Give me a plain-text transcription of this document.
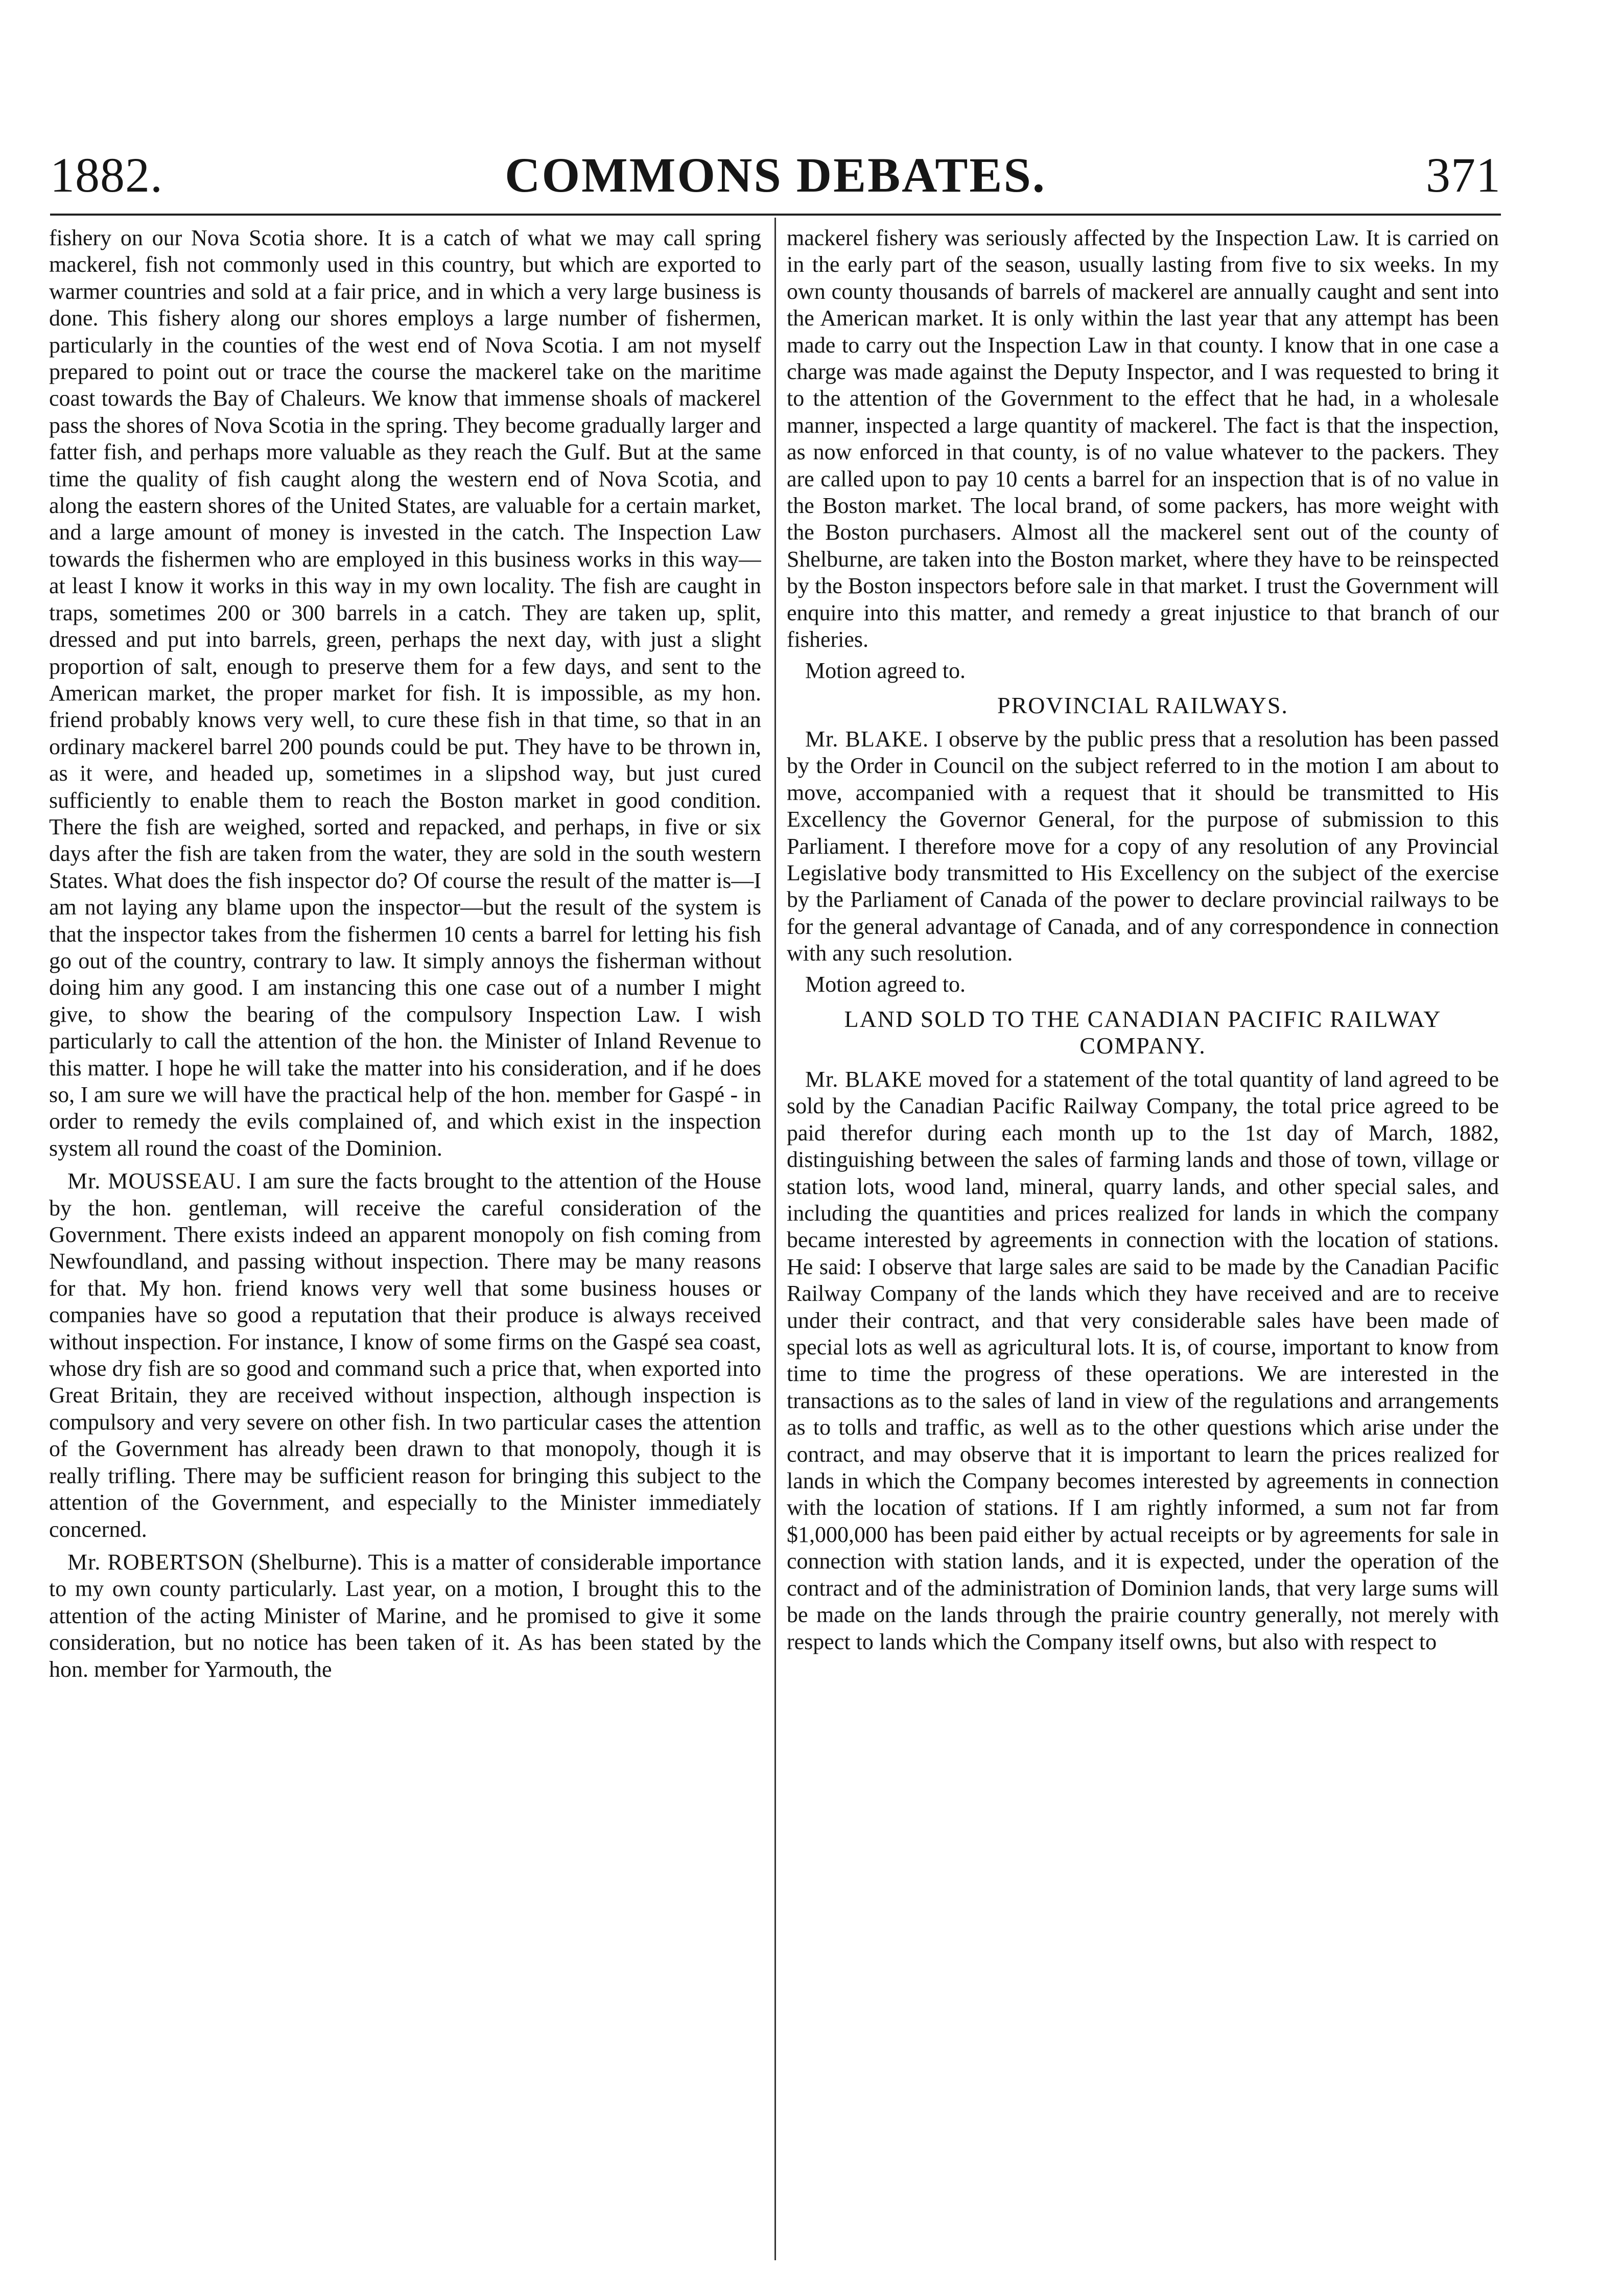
1882.	COMMONS DEBATES.	371

fishery on our Nova Scotia shore. It is a catch of what we may call spring mackerel, fish not commonly used in this country, but which are exported to warmer countries and sold at a fair price, and in which a very large business is done. This fishery along our shores employs a large number of fishermen, particularly in the counties of the west end of Nova Scotia. I am not myself prepared to point out or trace the course the mackerel take on the maritime coast towards the Bay of Chaleurs. We know that immense shoals of mackerel pass the shores of Nova Scotia in the spring. They become gradually larger and fatter fish, and perhaps more valuable as they reach the Gulf. But at the same time the quality of fish caught along the western end of Nova Scotia, and along the eastern shores of the United States, are valuable for a certain market, and a large amount of money is invested in the catch. The Inspection Law towards the fishermen who are employed in this business works in this way—at least I know it works in this way in my own locality. The fish are caught in traps, sometimes 200 or 300 barrels in a catch. They are taken up, split, dressed and put into barrels, green, perhaps the next day, with just a slight proportion of salt, enough to preserve them for a few days, and sent to the American market, the proper market for fish. It is impossible, as my hon. friend probably knows very well, to cure these fish in that time, so that in an ordinary mackerel barrel 200 pounds could be put. They have to be thrown in, as it were, and headed up, sometimes in a slipshod way, but just cured sufficiently to enable them to reach the Boston market in good condition. There the fish are weighed, sorted and repacked, and perhaps, in five or six days after the fish are taken from the water, they are sold in the south western States. What does the fish inspector do? Of course the result of the matter is—I am not laying any blame upon the inspector—but the result of the system is that the inspector takes from the fishermen 10 cents a barrel for letting his fish go out of the country, contrary to law. It simply annoys the fisherman without doing him any good. I am instancing this one case out of a number I might give, to show the bearing of the compulsory Inspection Law. I wish particularly to call the attention of the hon. the Minister of Inland Revenue to this matter. I hope he will take the matter into his consideration, and if he does so, I am sure we will have the practical help of the hon. member for Gaspé - in order to remedy the evils complained of, and which exist in the inspection system all round the coast of the Dominion.

Mr. MOUSSEAU. I am sure the facts brought to the attention of the House by the hon. gentleman, will receive the careful consideration of the Government. There exists indeed an apparent monopoly on fish coming from Newfoundland, and passing without inspection. There may be many reasons for that. My hon. friend knows very well that some business houses or companies have so good a reputation that their produce is always received without inspection. For instance, I know of some firms on the Gaspé sea coast, whose dry fish are so good and command such a price that, when exported into Great Britain, they are received without inspection, although inspection is compulsory and very severe on other fish. In two particular cases the attention of the Government has already been drawn to that monopoly, though it is really trifling. There may be sufficient reason for bringing this subject to the attention of the Government, and especially to the Minister immediately concerned.

Mr. ROBERTSON (Shelburne). This is a matter of considerable importance to my own county particularly. Last year, on a motion, I brought this to the attention of the acting Minister of Marine, and he promised to give it some consideration, but no notice has been taken of it. As has been stated by the hon. member for Yarmouth, the

mackerel fishery was seriously affected by the Inspection Law. It is carried on in the early part of the season, usually lasting from five to six weeks. In my own county thousands of barrels of mackerel are annually caught and sent into the American market. It is only within the last year that any attempt has been made to carry out the Inspection Law in that county. I know that in one case a charge was made against the Deputy Inspector, and I was requested to bring it to the attention of the Government to the effect that he had, in a wholesale manner, inspected a large quantity of mackerel. The fact is that the inspection, as now enforced in that county, is of no value whatever to the packers. They are called upon to pay 10 cents a barrel for an inspection that is of no value in the Boston market. The local brand, of some packers, has more weight with the Boston purchasers. Almost all the mackerel sent out of the county of Shelburne, are taken into the Boston market, where they have to be reinspected by the Boston inspectors before sale in that market. I trust the Government will enquire into this matter, and remedy a great injustice to that branch of our fisheries.

Motion agreed to.

PROVINCIAL RAILWAYS.

Mr. BLAKE. I observe by the public press that a resolution has been passed by the Order in Council on the subject referred to in the motion I am about to move, accompanied with a request that it should be transmitted to His Excellency the Governor General, for the purpose of submission to this Parliament. I therefore move for a copy of any resolution of any Provincial Legislative body transmitted to His Excellency on the subject of the exercise by the Parliament of Canada of the power to declare provincial railways to be for the general advantage of Canada, and of any correspondence in connection with any such resolution.

Motion agreed to.

LAND SOLD TO THE CANADIAN PACIFIC RAILWAY COMPANY.

Mr. BLAKE moved for a statement of the total quantity of land agreed to be sold by the Canadian Pacific Railway Company, the total price agreed to be paid therefor during each month up to the 1st day of March, 1882, distinguishing between the sales of farming lands and those of town, village or station lots, wood land, mineral, quarry lands, and other special sales, and including the quantities and prices realized for lands in which the company became interested by agreements in connection with the location of stations. He said: I observe that large sales are said to be made by the Canadian Pacific Railway Company of the lands which they have received and are to receive under their contract, and that very considerable sales have been made of special lots as well as agricultural lots. It is, of course, important to know from time to time the progress of these operations. We are interested in the transactions as to the sales of land in view of the regulations and arrangements as to tolls and traffic, as well as to the other questions which arise under the contract, and may observe that it is important to learn the prices realized for lands in which the Company becomes interested by agreements in connection with the location of stations. If I am rightly informed, a sum not far from $1,000,000 has been paid either by actual receipts or by agreements for sale in connection with station lands, and it is expected, under the operation of the contract and of the administration of Dominion lands, that very large sums will be made on the lands through the prairie country generally, not merely with respect to lands which the Company itself owns, but also with respect to
